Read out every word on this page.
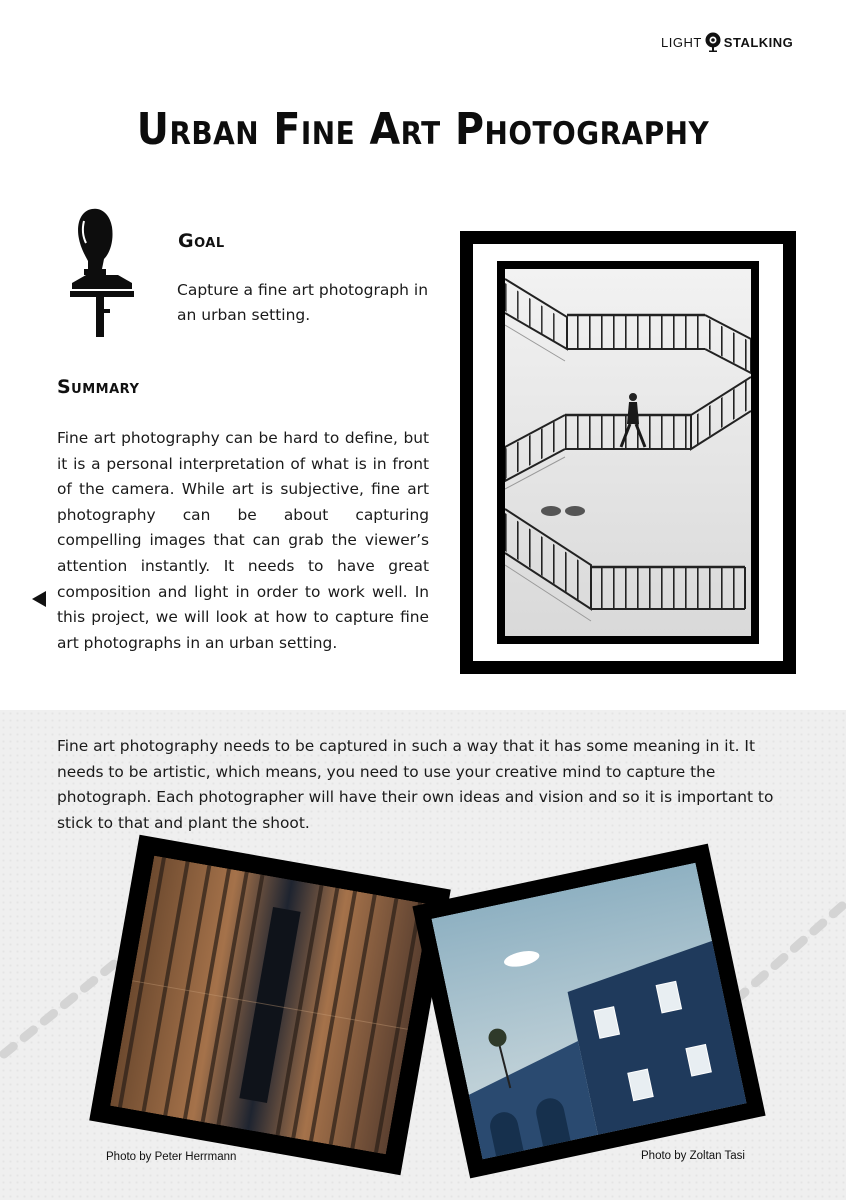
LIGHT STALKING
Urban Fine Art Photography
Goal
Capture a fine art photograph in an urban setting.
Summary
Fine art photography can be hard to define, but it is a personal interpretation of what is in front of the camera. While art is subjective, fine art photography can be about capturing compelling images that can grab the viewer’s attention instantly. It needs to have great composition and light in order to work well. In this project, we will look at how to capture fine art photographs in an urban setting.
Fine art photography needs to be captured in such a way that it has some meaning in it. It needs to be artistic, which means, you need to use your creative mind to capture the photograph. Each photographer will have their own ideas and vision and so it is important to stick to that and plant the shoot.
Photo by Peter Herrmann	Photo by Zoltan Tasi
